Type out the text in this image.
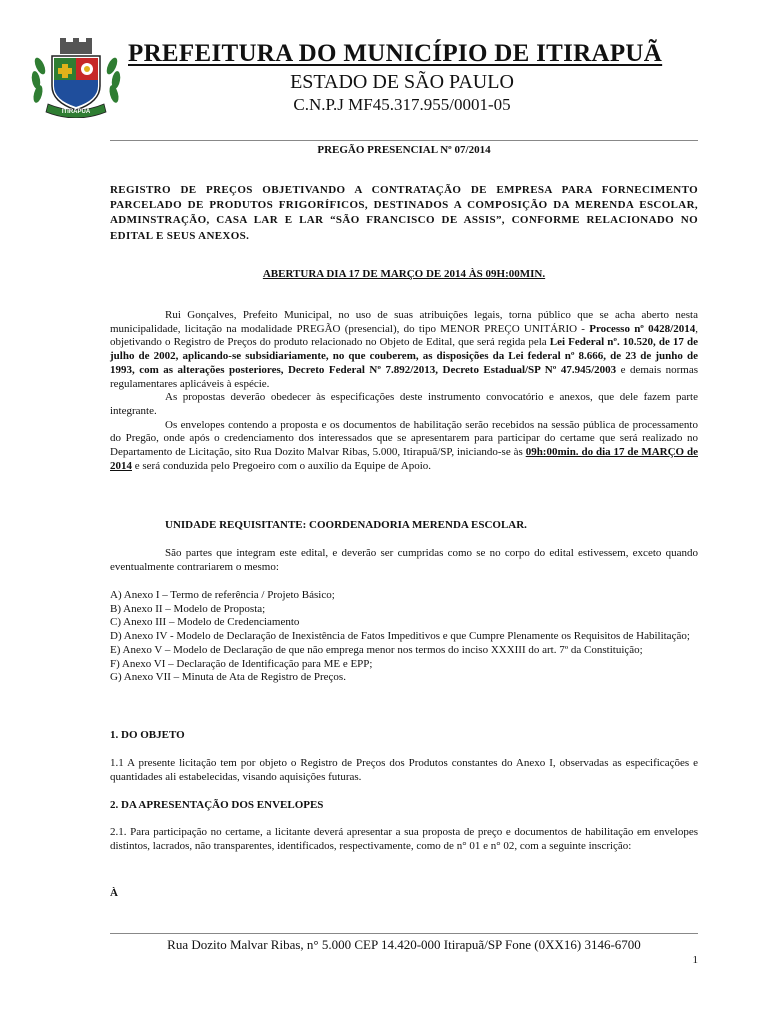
ITIRAPUÃ
PREFEITURA DO MUNICÍPIO DE ITIRAPUÃ
ESTADO DE SÃO PAULO
C.N.P.J MF45.317.955/0001-05
PREGÃO PRESENCIAL Nº 07/2014
REGISTRO DE PREÇOS OBJETIVANDO A CONTRATAÇÃO DE EMPRESA PARA FORNECIMENTO PARCELADO DE PRODUTOS FRIGORÍFICOS, DESTINADOS A COMPOSIÇÃO DA MERENDA ESCOLAR, ADMINSTRAÇÃO, CASA LAR E LAR “SÃO FRANCISCO DE ASSIS”, CONFORME RELACIONADO NO EDITAL E SEUS ANEXOS.
ABERTURA DIA 17 DE MARÇO DE 2014 ÀS 09H:00MIN.

Rui Gonçalves, Prefeito Municipal, no uso de suas atribuições legais, torna público que se acha aberto nesta municipalidade, licitação na modalidade PREGÃO (presencial), do tipo MENOR PREÇO UNITÁRIO - Processo nº 0428/2014, objetivando o Registro de Preços do produto relacionado no Objeto de Edital, que será regida pela Lei Federal nº. 10.520, de 17 de julho de 2002, aplicando-se subsidiariamente, no que couberem, as disposições da Lei federal nº 8.666, de 23 de junho de 1993, com as alterações posteriores, Decreto Federal Nº 7.892/2013, Decreto Estadual/SP Nº 47.945/2003 e demais normas regulamentares aplicáveis à espécie.

As propostas deverão obedecer às especificações deste instrumento convocatório e anexos, que dele fazem parte integrante.

Os envelopes contendo a proposta e os documentos de habilitação serão recebidos na sessão pública de processamento do Pregão, onde após o credenciamento dos interessados que se apresentarem para participar do certame que será realizado no Departamento de Licitação, sito Rua Dozito Malvar Ribas, 5.000, Itirapuã/SP, iniciando-se às 09h:00min. do dia 17 de MARÇO de 2014 e será conduzida pelo Pregoeiro com o auxílio da Equipe de Apoio.

UNIDADE REQUISITANTE: COORDENADORIA MERENDA ESCOLAR.
São partes que integram este edital, e deverão ser cumpridas como se no corpo do edital estivessem, exceto quando eventualmente contrariarem o mesmo:

A) Anexo I – Termo de referência / Projeto Básico;

B) Anexo II – Modelo de Proposta;

C) Anexo III – Modelo de Credenciamento

D) Anexo IV - Modelo de Declaração de Inexistência de Fatos Impeditivos e que Cumpre Plenamente os Requisitos de Habilitação;

E) Anexo V – Modelo de Declaração de que não emprega menor nos termos do inciso XXXIII do art. 7º da Constituição;

F) Anexo VI – Declaração de Identificação para ME e EPP;

G) Anexo VII – Minuta de Ata de Registro de Preços.

1. DO OBJETO
1.1 A presente licitação tem por objeto o Registro de Preços dos Produtos constantes do Anexo I, observadas as especificações e quantidades ali estabelecidas, visando aquisições futuras.
2. DA APRESENTAÇÃO DOS ENVELOPES
2.1. Para participação no certame, a licitante deverá apresentar a sua proposta de preço e documentos de habilitação em envelopes distintos, lacrados, não transparentes, identificados, respectivamente, como de n° 01 e n° 02, com a seguinte inscrição:
À
Rua Dozito Malvar Ribas, n° 5.000 CEP 14.420-000 Itirapuã/SP Fone (0XX16) 3146-6700
1
